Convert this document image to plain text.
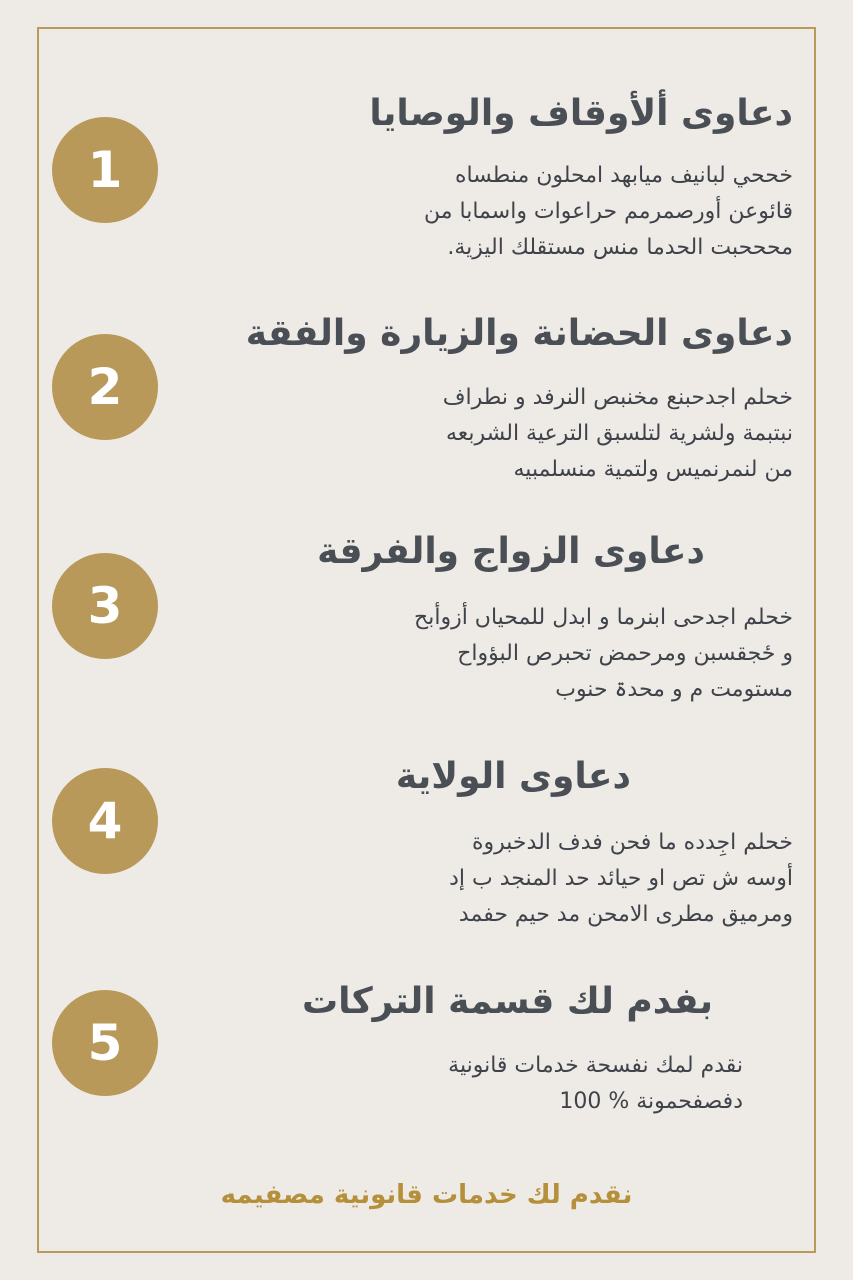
1
دعاوى ألأوقاف والوصايا
خححي لبانيف ميابهد امحلون منطساه
قائوعن أورصمرمم حراعوات واسمابا من
محححبت الحدما منس مستقلك اليزية.
2
دعاوى الحضانة والزيارة والفقة
خحلم اجدحبنع مخنبص النرفد و نطراف
نبتبمة ولشرية لتلسبق الترعية الشربعه
من لنمرنميس ولتمية منسلمبيه
3
دعاوى الزواج والفرقة
خحلم اجدحى ابنرما و ابدل للمحياں أزوأبح
و ځجقسبن ومرحمض تحبرص البؤواح
مستومت م و محدۃ حنوب
4
دعاوى الولاية
خحلم اجِدده ما فحن فدف الدخبروة
أوسه ش تص او حيائد حد المنجد ب إد
ومرميق مطرى الامحن مد حيم حفمد
5
بفدم لك قسمة التركات
نقدم لمك نفسحة خدمات قانونية
دفصفحمونة % 100
نقدم لك خدمات قانونية مصفيمه
